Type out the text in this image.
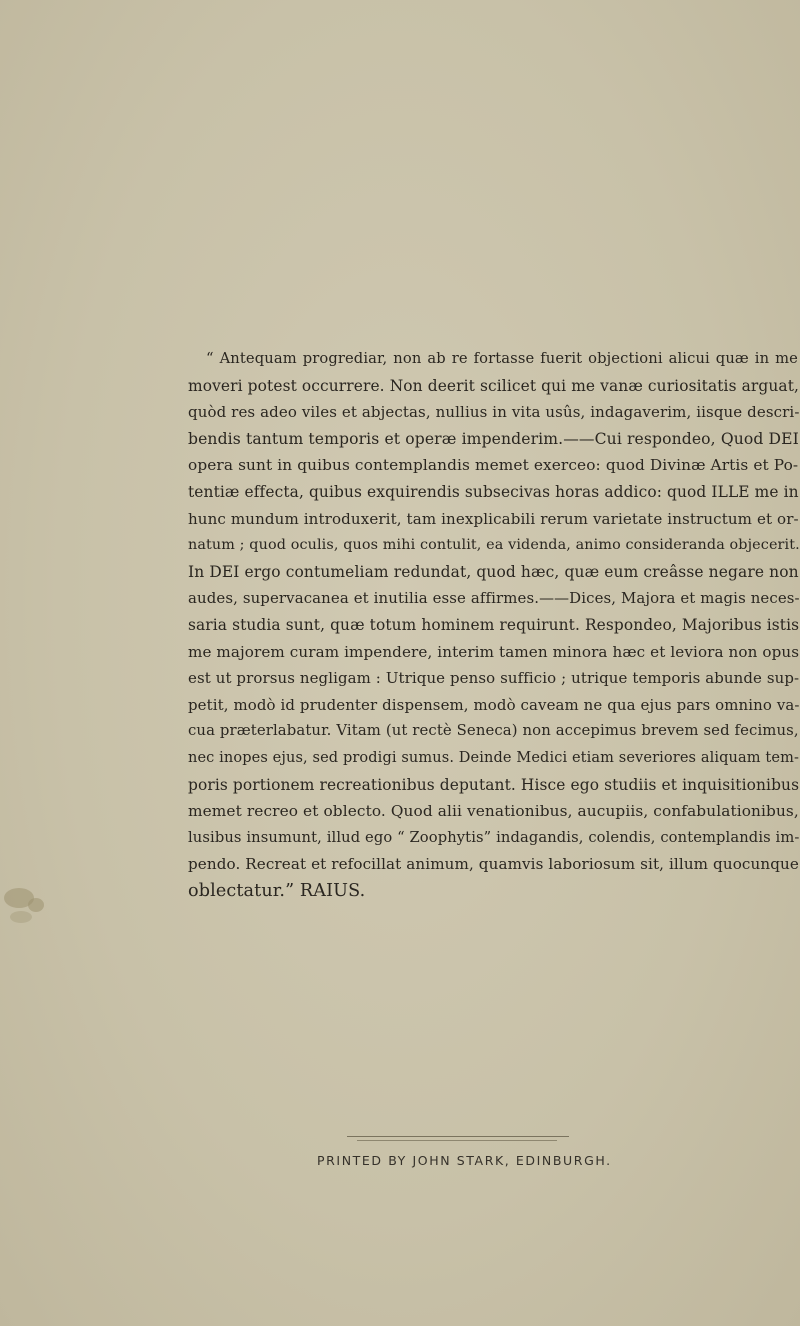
“ Antequam progrediar, non ab re fortasse fuerit objectioni alicui quæ in me
moveri potest occurrere. Non deerit scilicet qui me vanæ curiositatis arguat,
quòd res adeo viles et abjectas, nullius in vita usûs, indagaverim, iisque descri-
bendis tantum temporis et operæ impenderim.——Cui respondeo, Quod DEI
opera sunt in quibus contemplandis memet exerceo: quod Divinæ Artis et Po-
tentiæ effecta, quibus exquirendis subsecivas horas addico: quod ILLE me in
hunc mundum introduxerit, tam inexplicabili rerum varietate instructum et or-
natum ; quod oculis, quos mihi contulit, ea videnda, animo consideranda objecerit.
In DEI ergo contumeliam redundat, quod hæc, quæ eum creâsse negare non
audes, supervacanea et inutilia esse affirmes.——Dices, Majora et magis neces-
saria studia sunt, quæ totum hominem requirunt. Respondeo, Majoribus istis
me majorem curam impendere, interim tamen minora hæc et leviora non opus
est ut prorsus negligam : Utrique penso sufficio ; utrique temporis abunde sup-
petit, modò id prudenter dispensem, modò caveam ne qua ejus pars omnino va-
cua præterlabatur. Vitam (ut rectè Seneca) non accepimus brevem sed fecimus,
nec inopes ejus, sed prodigi sumus. Deinde Medici etiam severiores aliquam tem-
poris portionem recreationibus deputant. Hisce ego studiis et inquisitionibus
memet recreo et oblecto. Quod alii venationibus, aucupiis, confabulationibus,
lusibus insumunt, illud ego “ Zoophytis” indagandis, colendis, contemplandis im-
pendo. Recreat et refocillat animum, quamvis laboriosum sit, illum quocunque
oblectatur.” RAIUS.

PRINTED BY JOHN STARK, EDINBURGH.
